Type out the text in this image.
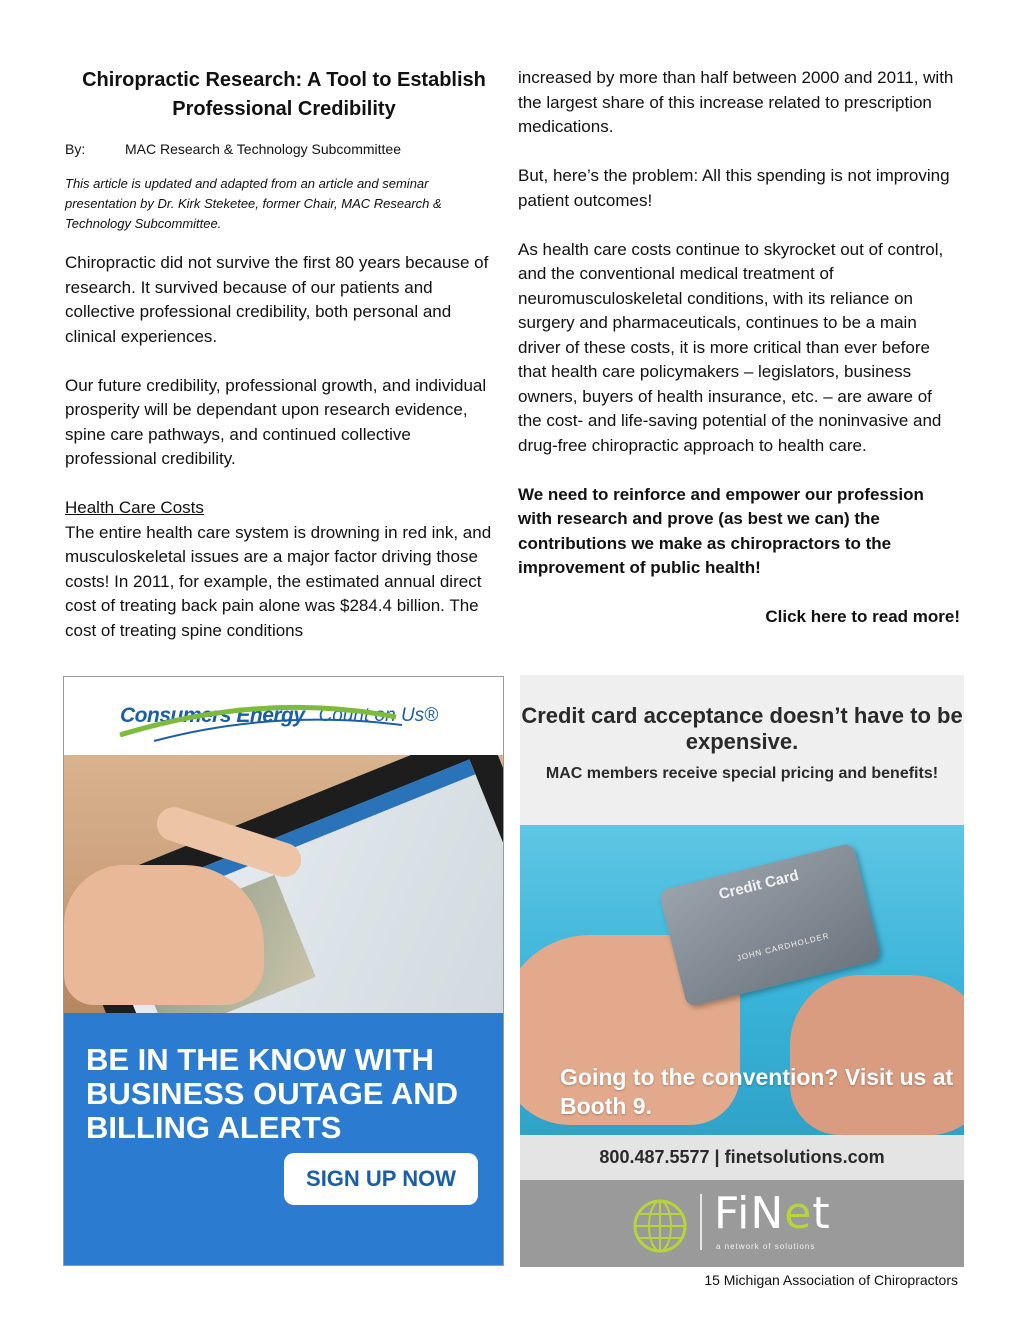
Chiropractic Research: A Tool to Establish Professional Credibility
By:	MAC Research & Technology Subcommittee

This article is updated and adapted from an article and seminar presentation by Dr. Kirk Steketee, former Chair, MAC Research & Technology Subcommittee.

Chiropractic did not survive the first 80 years because of research. It survived because of our patients and collective professional credibility, both personal and clinical experiences.

Our future credibility, professional growth, and individual prosperity will be dependant upon research evidence, spine care pathways, and continued collective professional credibility.

Health Care Costs
The entire health care system is drowning in red ink, and musculoskeletal issues are a major factor driving those costs! In 2011, for example, the estimated annual direct cost of treating back pain alone was $284.4 billion. The cost of treating spine conditions

increased by more than half between 2000 and 2011, with the largest share of this increase related to prescription medications.

But, here’s the problem: All this spending is not improving patient outcomes!

As health care costs continue to skyrocket out of control, and the conventional medical treatment of neuromusculoskeletal conditions, with its reliance on surgery and pharmaceuticals, continues to be a main driver of these costs, it is more critical than ever before that health care policymakers – legislators, business owners, buyers of health insurance, etc. – are aware of the cost- and life-saving potential of the noninvasive and drug-free chiropractic approach to health care.

We need to reinforce and empower our profession with research and prove (as best we can) the contributions we make as chiropractors to the improvement of public health!

Click here to read more!
Consumers Energy Count on Us®
BE IN THE KNOW WITH BUSINESS OUTAGE AND BILLING ALERTS
SIGN UP NOW
Credit card acceptance doesn’t have to be expensive.
MAC members receive special pricing and benefits!
Credit Card
JOHN CARDHOLDER
Going to the convention? Visit us at Booth 9.
800.487.5577 | finetsolutions.com
FiNet
a network of solutions
15 Michigan Association of Chiropractors
